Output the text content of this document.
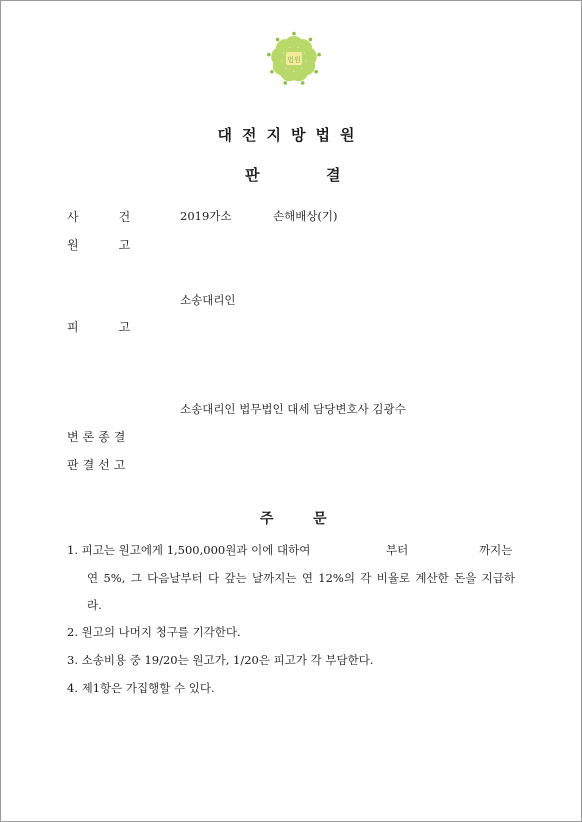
법원
대전지방법원
판	결
사	건	2019가소	손해배상(기)
원	고
소송대리인
피	고
소송대리인 법무법인 대세 담당변호사 김광수
변론종결
판결선고
주	문
1. 피고는 원고에게 1,500,000원과 이에 대하여	부터	까지는
연 5%, 그 다음날부터 다 갚는 날까지는 연 12%의 각 비율로 계산한 돈을 지급하
라.
2. 원고의 나머지 청구를 기각한다.
3. 소송비용 중 19/20는 원고가, 1/20은 피고가 각 부담한다.
4. 제1항은 가집행할 수 있다.
